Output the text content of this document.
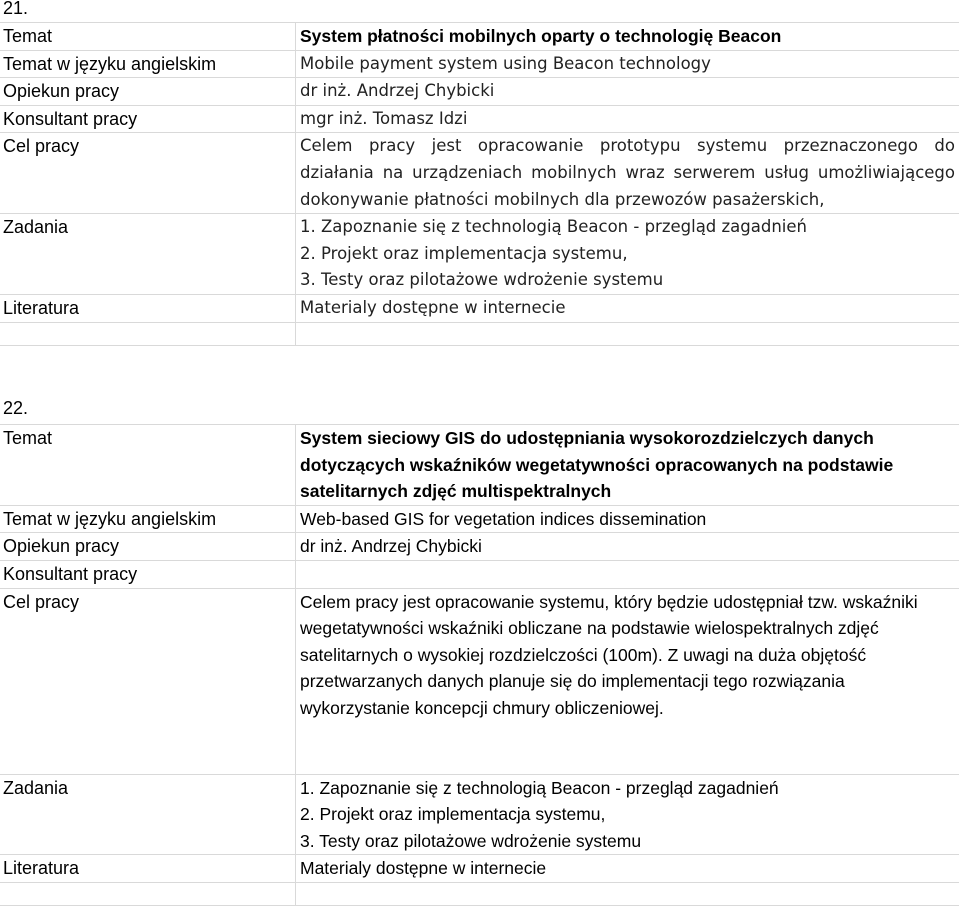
21.
Temat	System płatności mobilnych oparty o technologię Beacon
Temat w języku angielskim	Mobile payment system using Beacon technology
Opiekun pracy	dr inż. Andrzej Chybicki
Konsultant pracy	mgr inż. Tomasz Idzi
Cel pracy	Celem pracy jest opracowanie prototypu systemu przeznaczonego do działania na urządzeniach mobilnych wraz serwerem usług umożliwiającego dokonywanie płatności mobilnych dla przewozów pasażerskich,
Zadania	1. Zapoznanie się z technologią Beacon - przegląd zagadnień
2. Projekt oraz implementacja systemu,
3. Testy oraz pilotażowe wdrożenie systemu

Literatura	Materialy dostępne w internecie

22.
Temat	System sieciowy GIS do udostępniania wysokorozdzielczych danych dotyczących wskaźników wegetatywności opracowanych na podstawie satelitarnych zdjęć multispektralnych
Temat w języku angielskim	Web-based GIS for vegetation indices dissemination
Opiekun pracy	dr inż. Andrzej Chybicki
Konsultant pracy	
Cel pracy	Celem pracy jest opracowanie systemu, który będzie udostępniał tzw. wskaźniki wegetatywności wskaźniki obliczane na podstawie wielospektralnych zdjęć satelitarnych o wysokiej rozdzielczości (100m). Z uwagi na duża objętość przetwarzanych danych planuje się do implementacji tego rozwiązania wykorzystanie koncepcji chmury obliczeniowej.
Zadania	1. Zapoznanie się z technologią Beacon - przegląd zagadnień
2. Projekt oraz implementacja systemu,
3. Testy oraz pilotażowe wdrożenie systemu

Literatura	Materialy dostępne w internecie
